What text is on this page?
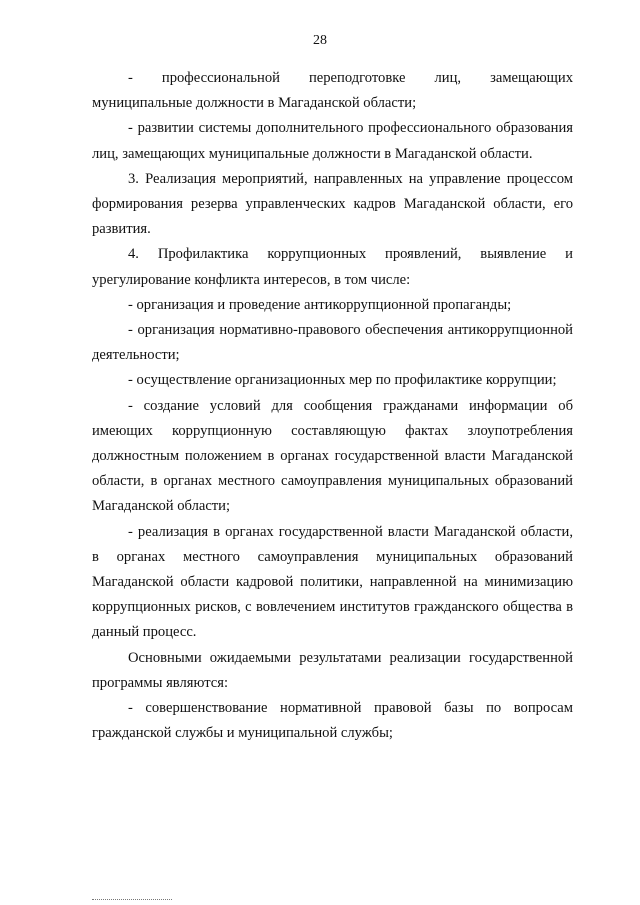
28

- профессиональной переподготовке лиц, замещающих муниципальные должности в Магаданской области;

- развитии системы дополнительного профессионального образования лиц, замещающих муниципальные должности в Магаданской области.

3. Реализация мероприятий, направленных на управление процессом формирования резерва управленческих кадров Магаданской области, его развития.

4. Профилактика коррупционных проявлений, выявление и урегулирование конфликта интересов, в том числе:

- организация и проведение антикоррупционной пропаганды;

- организация нормативно-правового обеспечения антикоррупционной деятельности;

- осуществление организационных мер по профилактике коррупции;

- создание условий для сообщения гражданами информации об имеющих коррупционную составляющую фактах злоупотребления должностным положением в органах государственной власти Магаданской области, в органах местного самоуправления муниципальных образований Магаданской области;

- реализация в органах государственной власти Магаданской области, в органах местного самоуправления муниципальных образований Магаданской области кадровой политики, направленной на минимизацию коррупционных рисков, с вовлечением институтов гражданского общества в данный процесс.

Основными ожидаемыми результатами реализации государственной программы являются:

- совершенствование нормативной правовой базы по вопросам гражданской службы и муниципальной службы;
